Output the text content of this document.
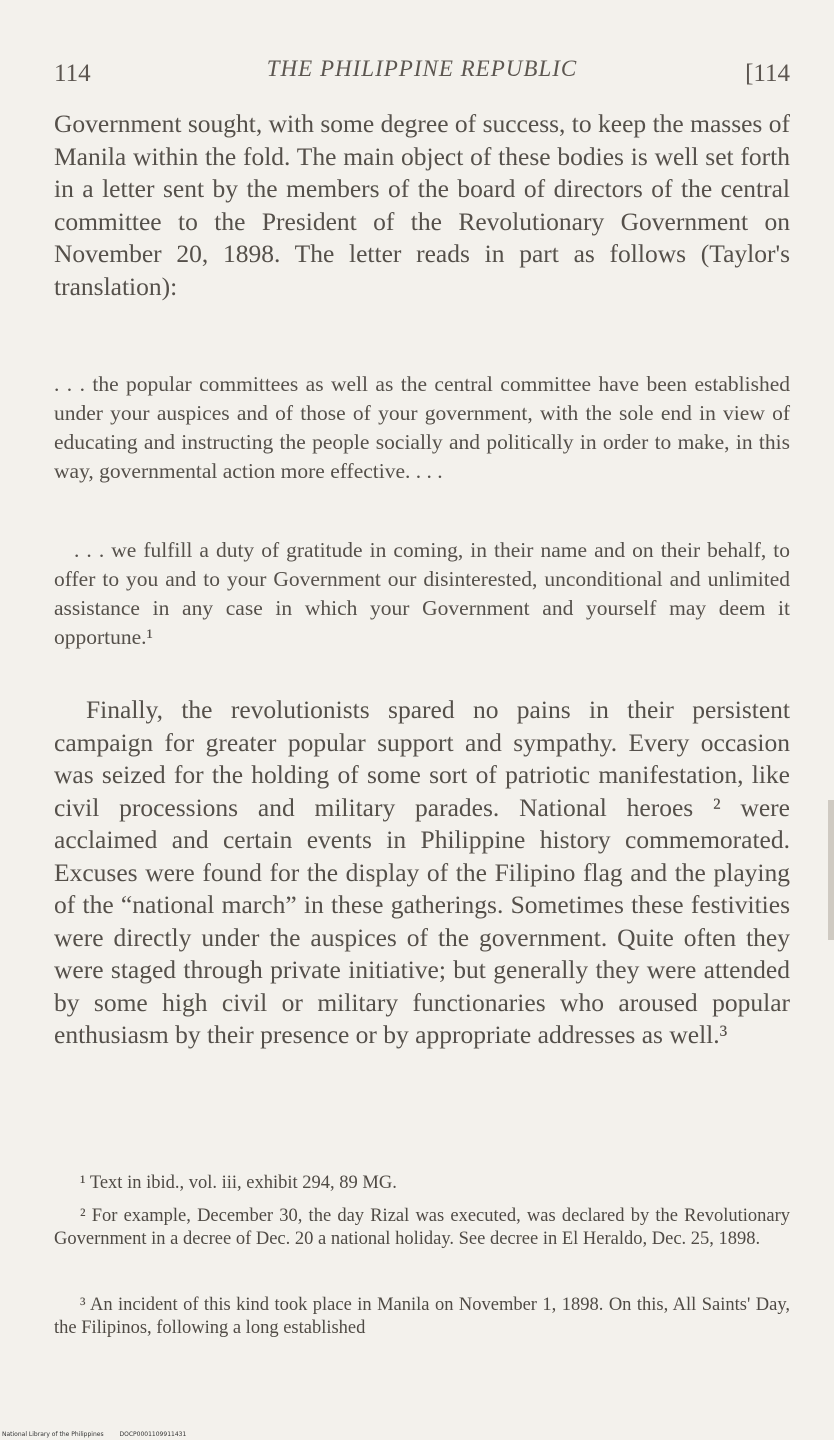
114	THE PHILIPPINE REPUBLIC	[114
Government sought, with some degree of success, to keep the masses of Manila within the fold. The main object of these bodies is well set forth in a letter sent by the members of the board of directors of the central committee to the President of the Revolutionary Government on November 20, 1898. The letter reads in part as follows (Taylor's translation):
. . . the popular committees as well as the central committee have been established under your auspices and of those of your government, with the sole end in view of educating and instructing the people socially and politically in order to make, in this way, governmental action more effective. . . .
. . . we fulfill a duty of gratitude in coming, in their name and on their behalf, to offer to you and to your Government our disinterested, unconditional and unlimited assistance in any case in which your Government and yourself may deem it opportune.¹
Finally, the revolutionists spared no pains in their persistent campaign for greater popular support and sympathy. Every occasion was seized for the holding of some sort of patriotic manifestation, like civil processions and military parades. National heroes ² were acclaimed and certain events in Philippine history commemorated. Excuses were found for the display of the Filipino flag and the playing of the “national march” in these gatherings. Sometimes these festivities were directly under the auspices of the government. Quite often they were staged through private initiative; but generally they were attended by some high civil or military functionaries who aroused popular enthusiasm by their presence or by appropriate addresses as well.³
¹ Text in ibid., vol. iii, exhibit 294, 89 MG.
² For example, December 30, the day Rizal was executed, was declared by the Revolutionary Government in a decree of Dec. 20 a national holiday. See decree in El Heraldo, Dec. 25, 1898.
³ An incident of this kind took place in Manila on November 1, 1898. On this, All Saints' Day, the Filipinos, following a long established
National Library of the Philippines	DOCP0001109911431
